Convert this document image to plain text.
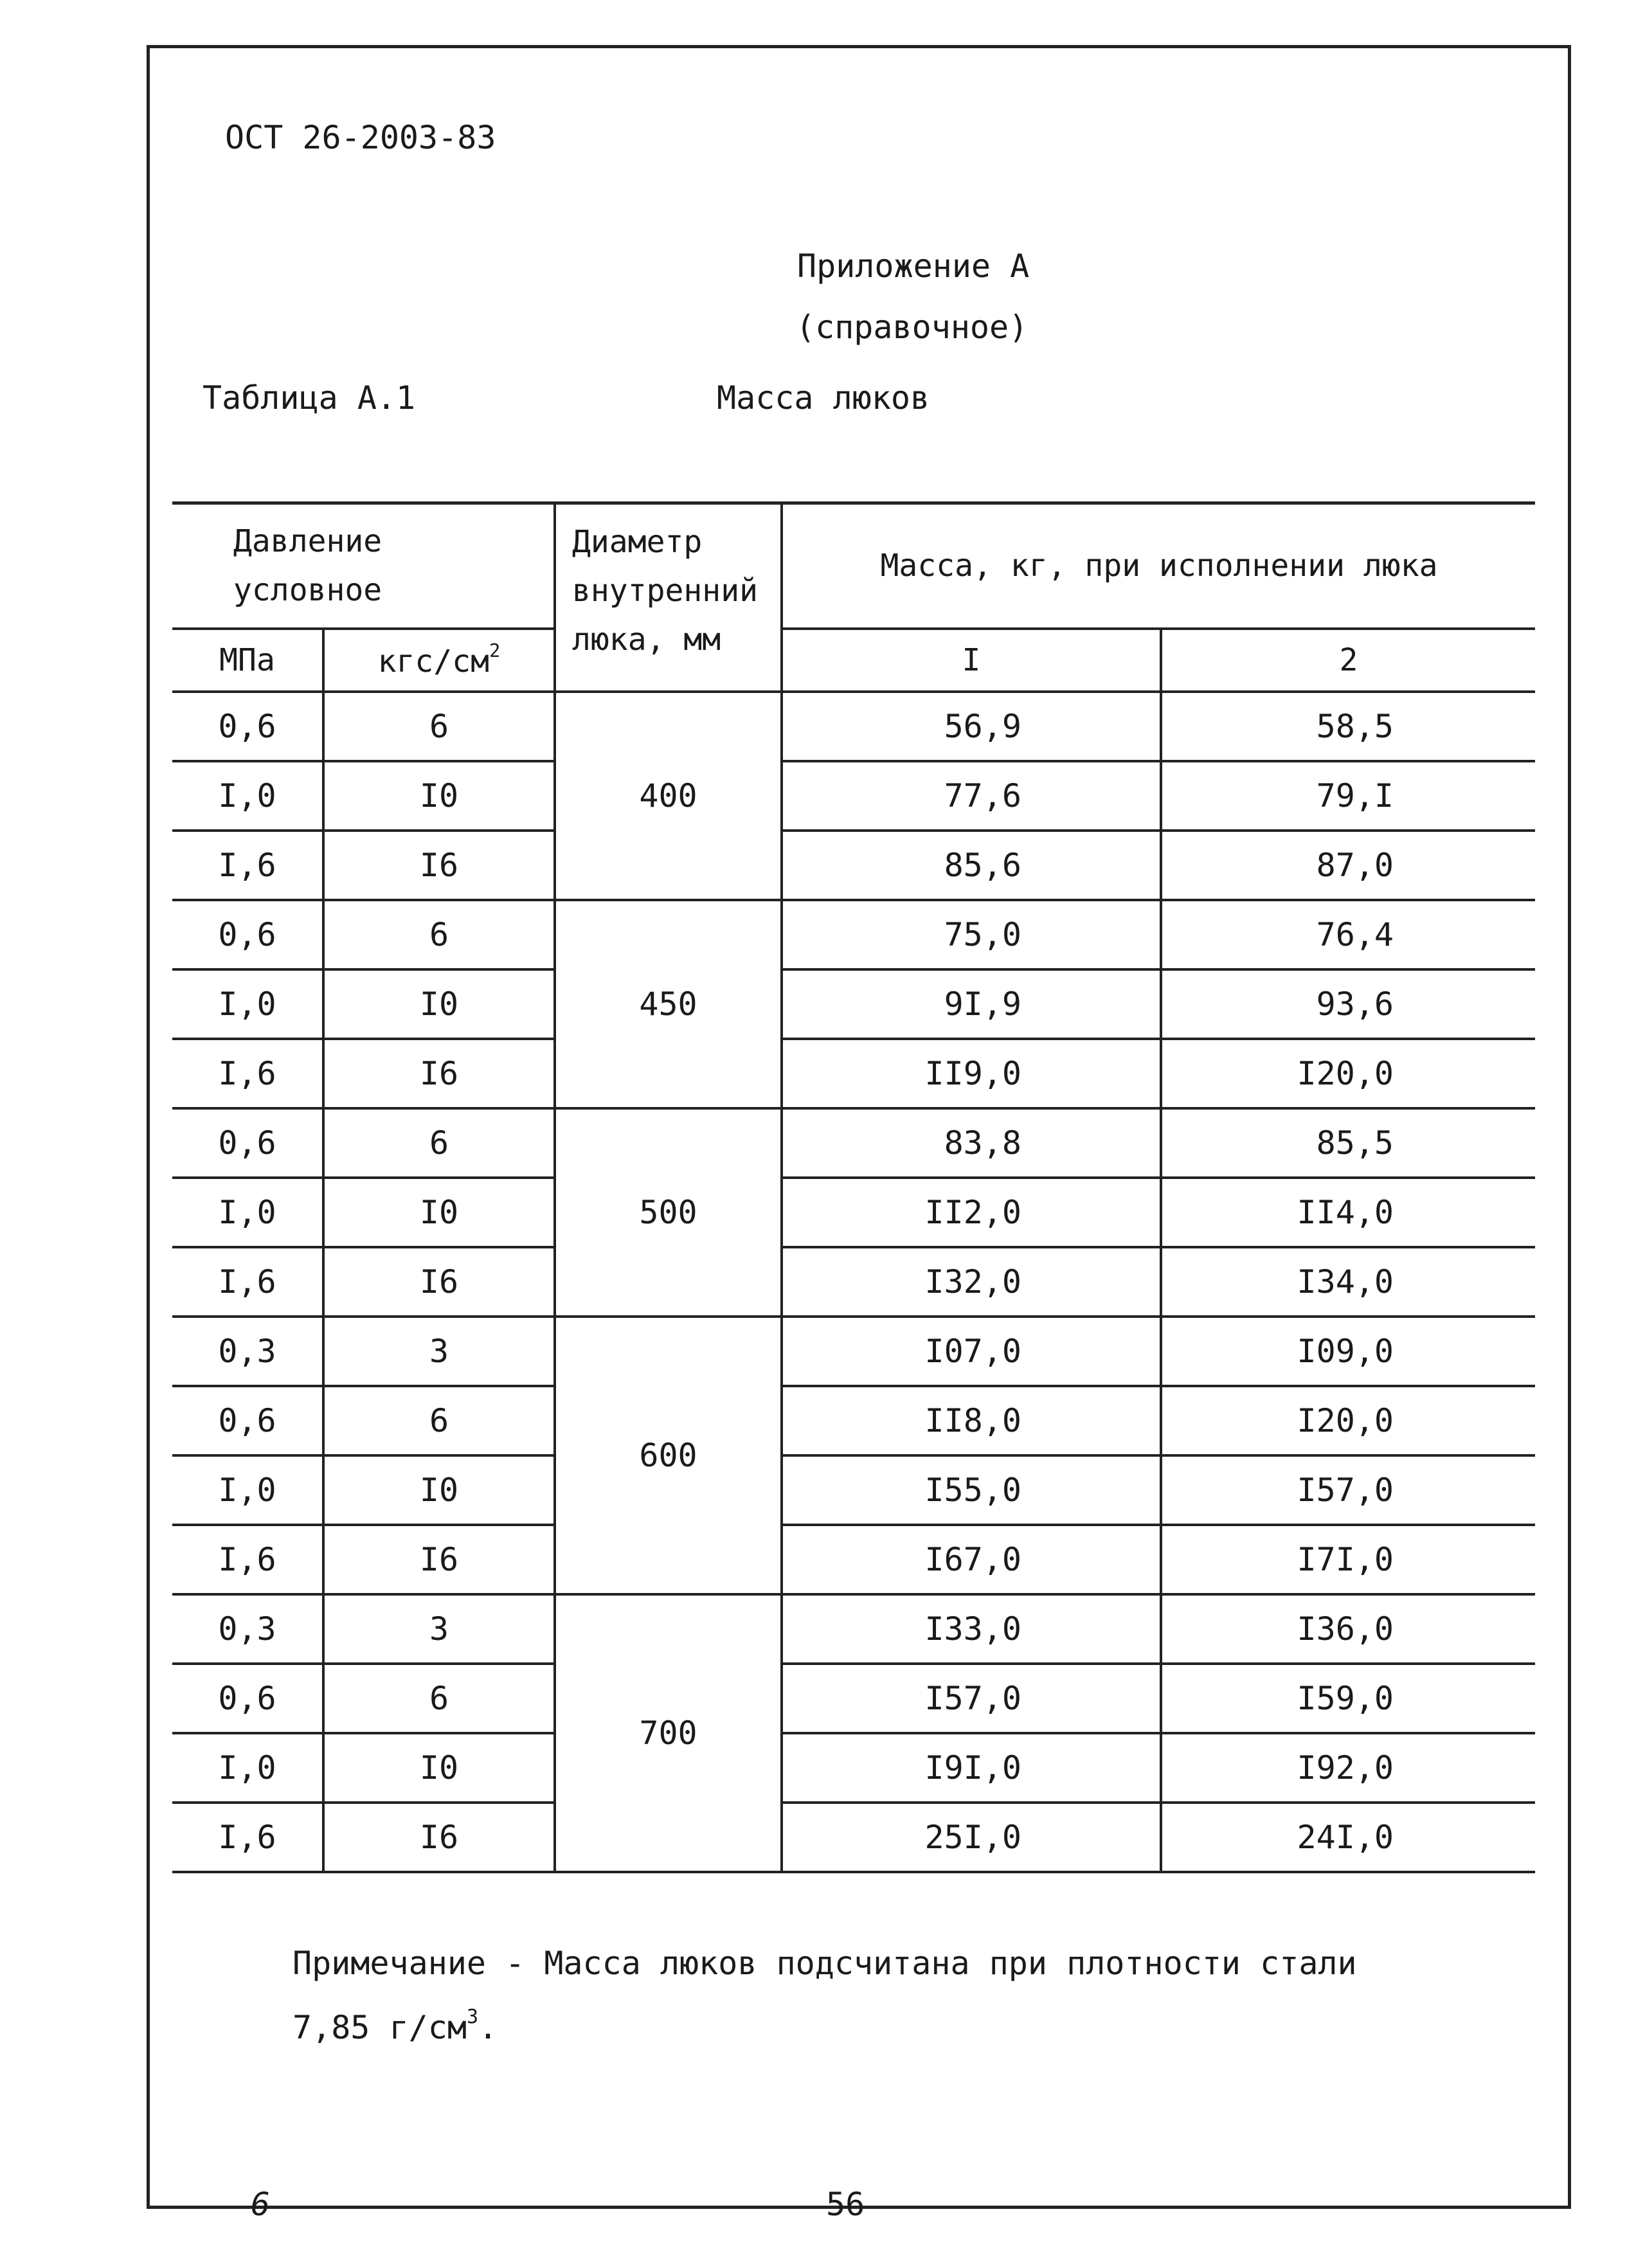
ОСТ 26-2003-83
Приложение А
(справочное)
Таблица А.1	Масса люков
Давление условное		Диаметр внутренний люка, мм	Масса, кг, при исполнении люка	
МПа	кгс/$см^2$		I	2
0,6	6	400	56,9	58,5
I,0	I0		77,6	79,I
I,6	I6		85,6	87,0
0,6	6	450	75,0	76,4
I,0	I0		9I,9	93,6
I,6	I6		II9,0	I20,0
0,6	6	500	83,8	85,5
I,0	I0		II2,0	II4,0
I,6	I6		I32,0	I34,0
0,3	3	600	I07,0	I09,0
0,6	6		II8,0	I20,0
I,0	I0		I55,0	I57,0
I,6	I6		I67,0	I7I,0
0,3	3	700	I33,0	I36,0
0,6	6		I57,0	I59,0
I,0	I0		I9I,0	I92,0
I,6	I6		25I,0	24I,0
Примечание - Масса люков подсчитана при плотности стали
7,85 $г/см^3$.
6	56
